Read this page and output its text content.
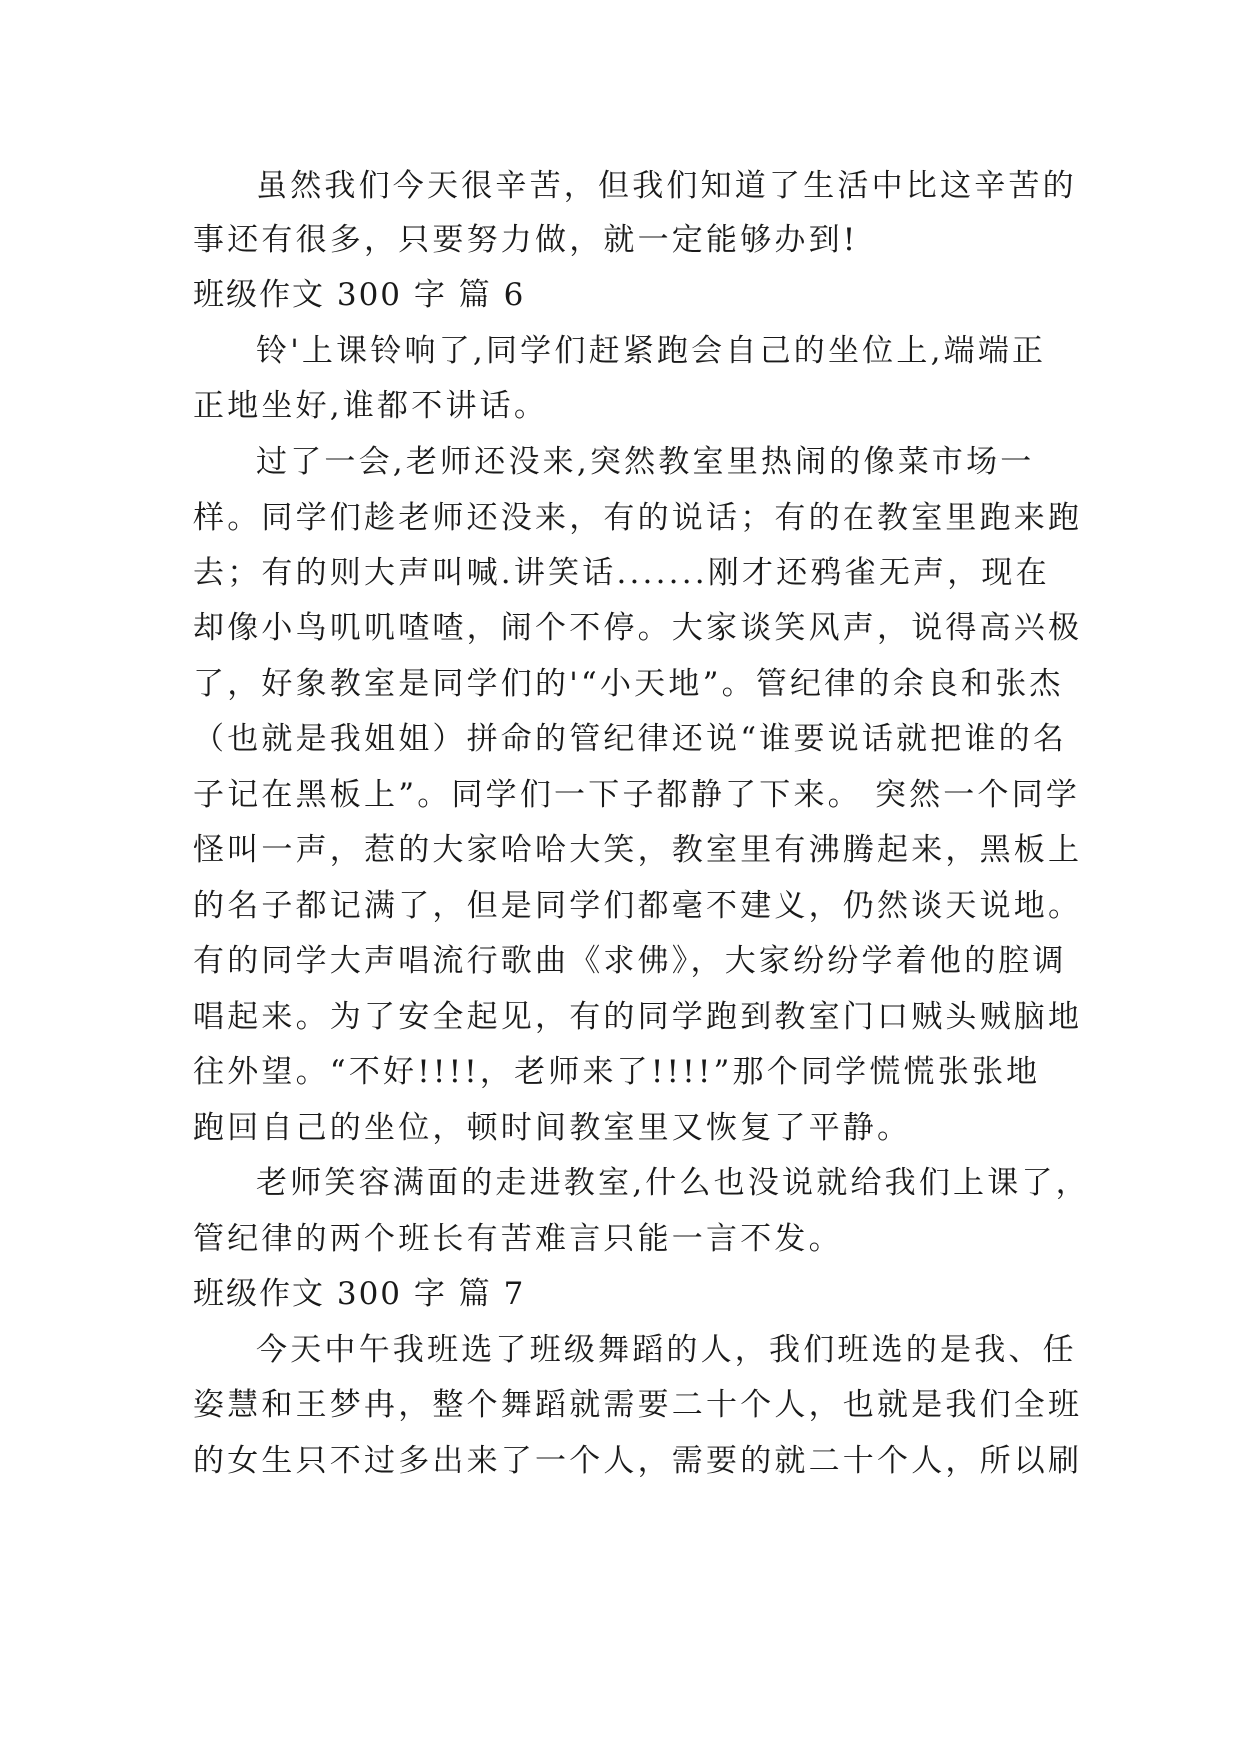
虽然我们今天很辛苦，但我们知道了生活中比这辛苦的
事还有很多，只要努力做，就一定能够办到!
班级作文 300 字 篇 6
铃'上课铃响了,同学们赶紧跑会自己的坐位上,端端正
正地坐好,谁都不讲话。
过了一会,老师还没来,突然教室里热闹的像菜市场一
样。同学们趁老师还没来，有的说话；有的在教室里跑来跑
去；有的则大声叫喊.讲笑话.......刚才还鸦雀无声，现在
却像小鸟叽叽喳喳，闹个不停。大家谈笑风声，说得高兴极
了，好象教室是同学们的'“小天地”。管纪律的余良和张杰
（也就是我姐姐）拼命的管纪律还说“谁要说话就把谁的名
子记在黑板上”。同学们一下子都静了下来。 突然一个同学
怪叫一声，惹的大家哈哈大笑，教室里有沸腾起来，黑板上
的名子都记满了，但是同学们都毫不建义，仍然谈天说地。
有的同学大声唱流行歌曲《求佛》，大家纷纷学着他的腔调
唱起来。为了安全起见，有的同学跑到教室门口贼头贼脑地
往外望。“不好!!!!，老师来了!!!!”那个同学慌慌张张地
跑回自己的坐位，顿时间教室里又恢复了平静。
老师笑容满面的走进教室,什么也没说就给我们上课了，
管纪律的两个班长有苦难言只能一言不发。
班级作文 300 字 篇 7
今天中午我班选了班级舞蹈的人，我们班选的是我、任
姿慧和王梦冉，整个舞蹈就需要二十个人，也就是我们全班
的女生只不过多出来了一个人，需要的就二十个人，所以刷
